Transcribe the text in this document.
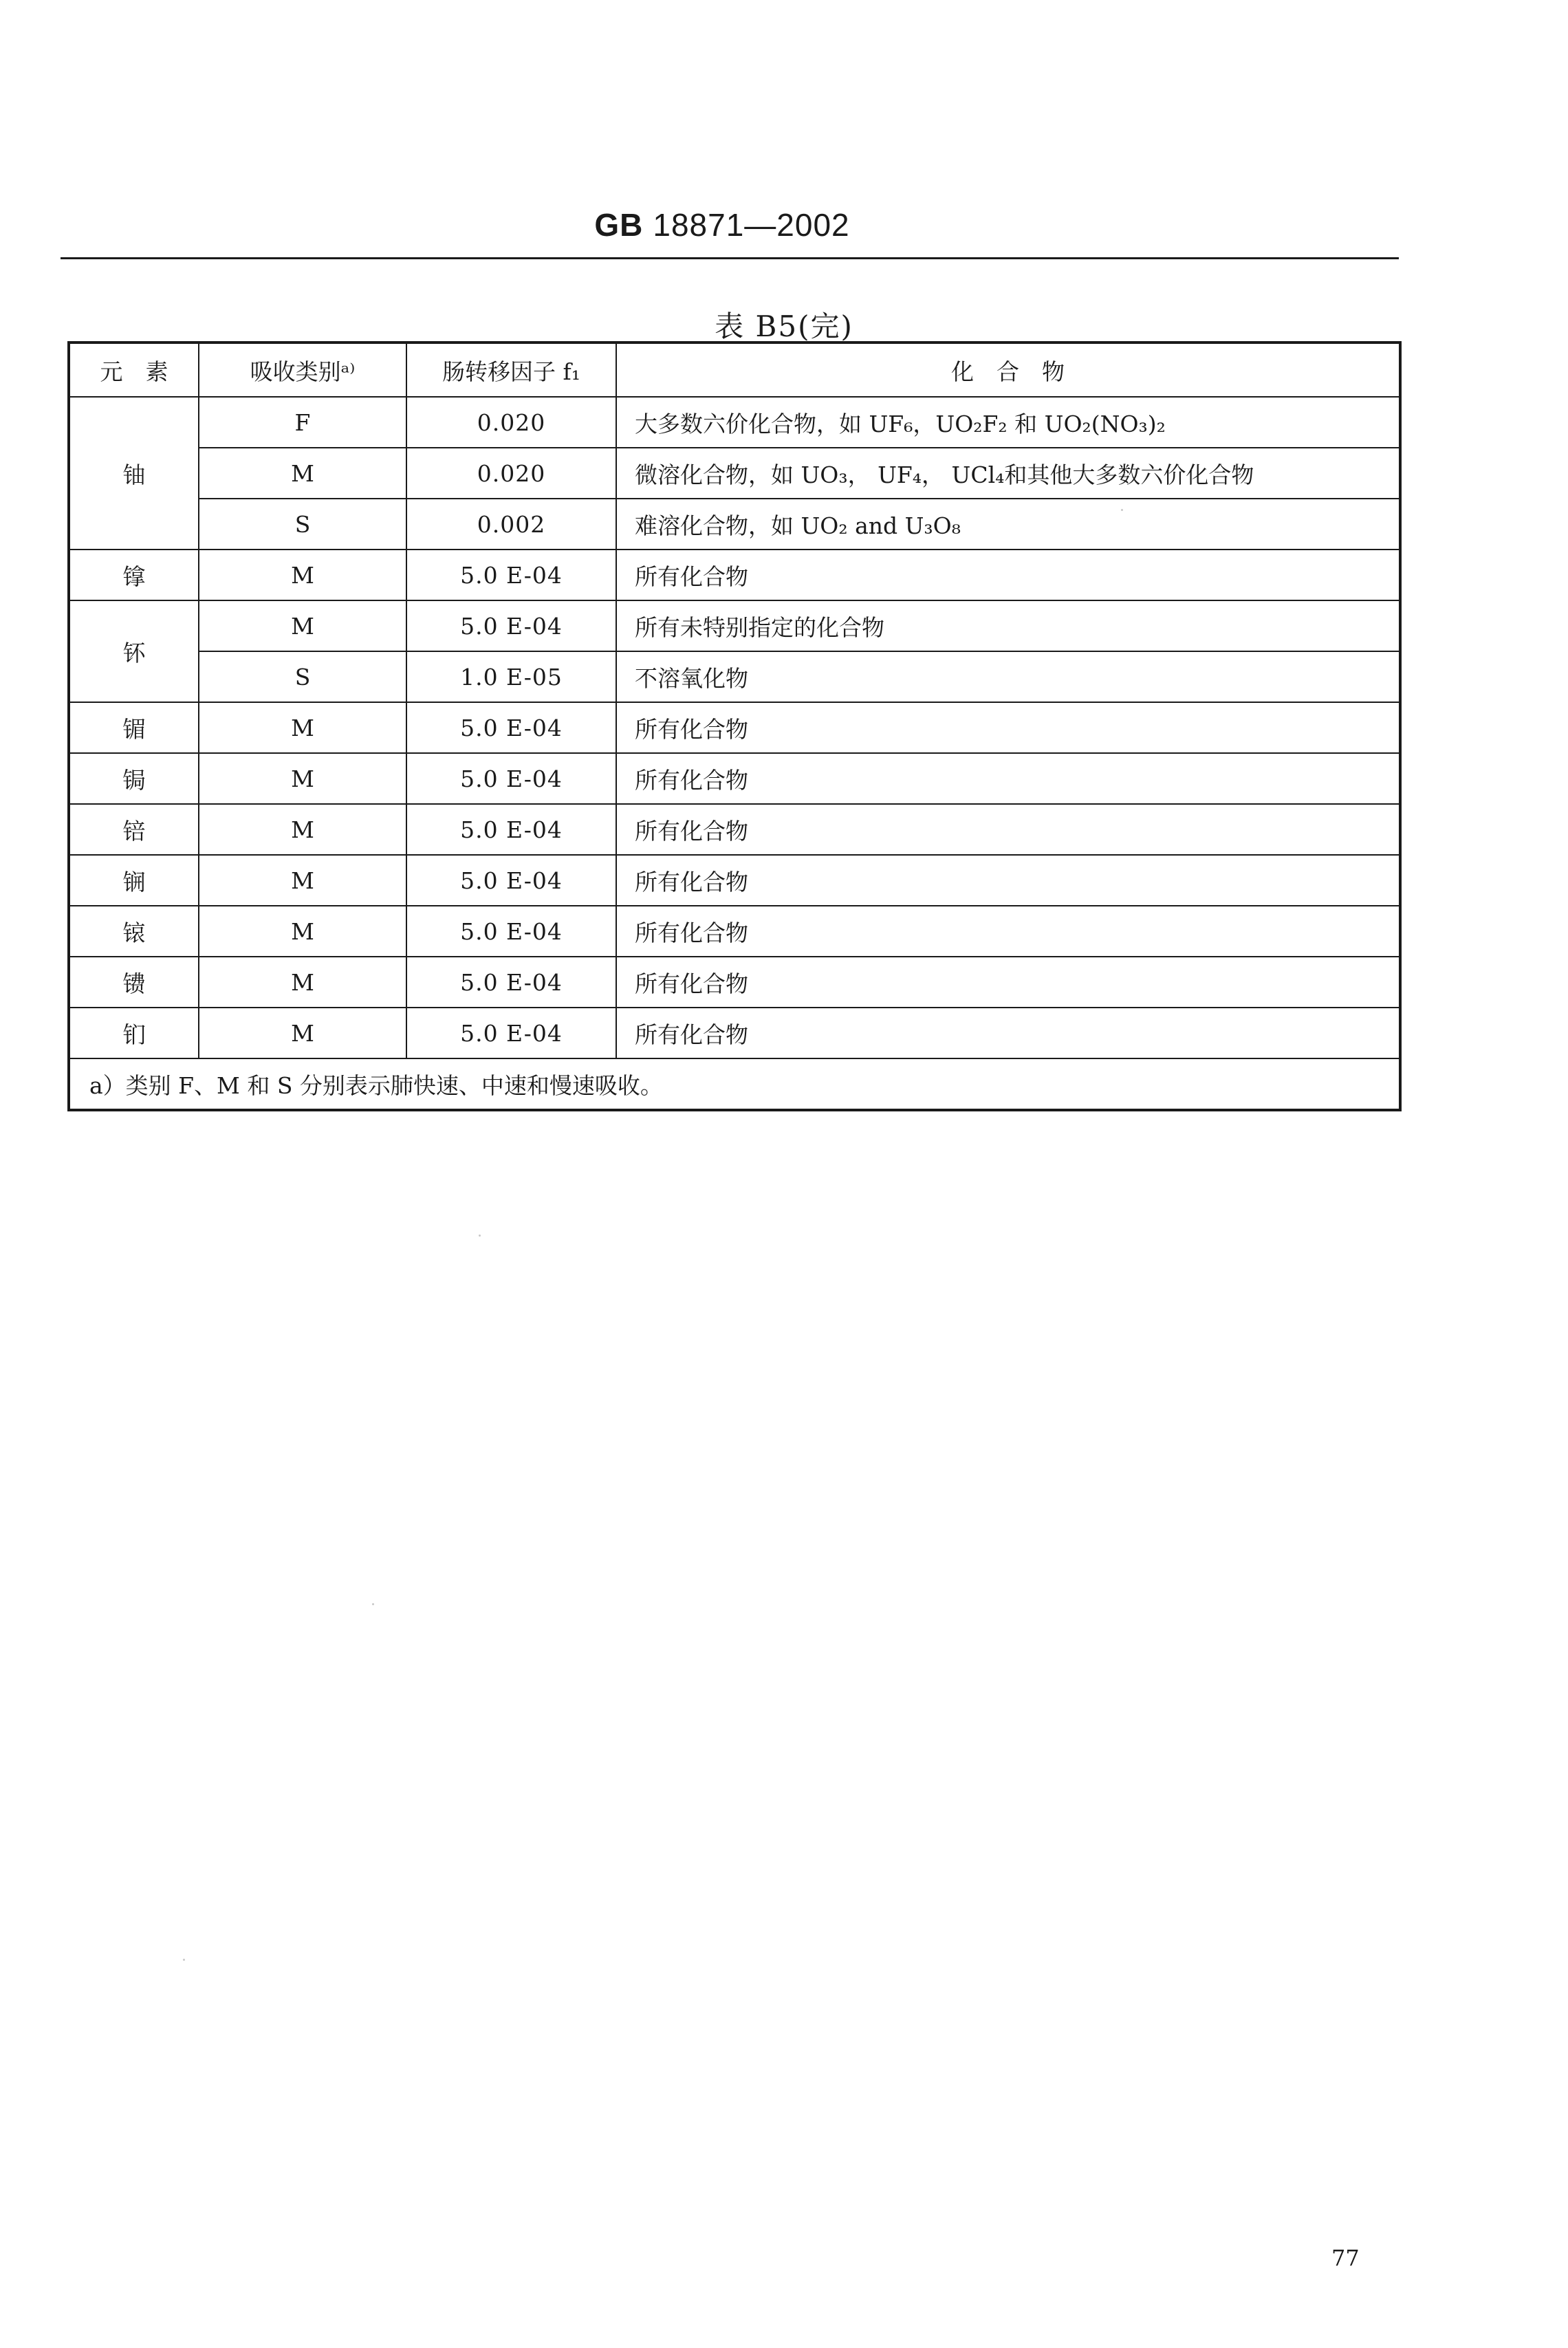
GB 18871—2002
表 B5(完)
元　素	吸收类别ᵃ⁾	肠转移因子 f₁	化　合　物
铀	F	0.020	大多数六价化合物，如 UF₆，UO₂F₂ 和 UO₂(NO₃)₂
	M	0.020	微溶化合物，如 UO₃， UF₄， UCl₄和其他大多数六价化合物
	S	0.002	难溶化合物，如 UO₂ and U₃O₈
镎	M	5.0 E-04	所有化合物
钚	M	5.0 E-04	所有未特别指定的化合物
	S	1.0 E-05	不溶氧化物
镅	M	5.0 E-04	所有化合物
锔	M	5.0 E-04	所有化合物
锫	M	5.0 E-04	所有化合物
锎	M	5.0 E-04	所有化合物
锿	M	5.0 E-04	所有化合物
镄	M	5.0 E-04	所有化合物
钔	M	5.0 E-04	所有化合物
a）类别 F、M 和 S 分别表示肺快速、中速和慢速吸收。			
77
